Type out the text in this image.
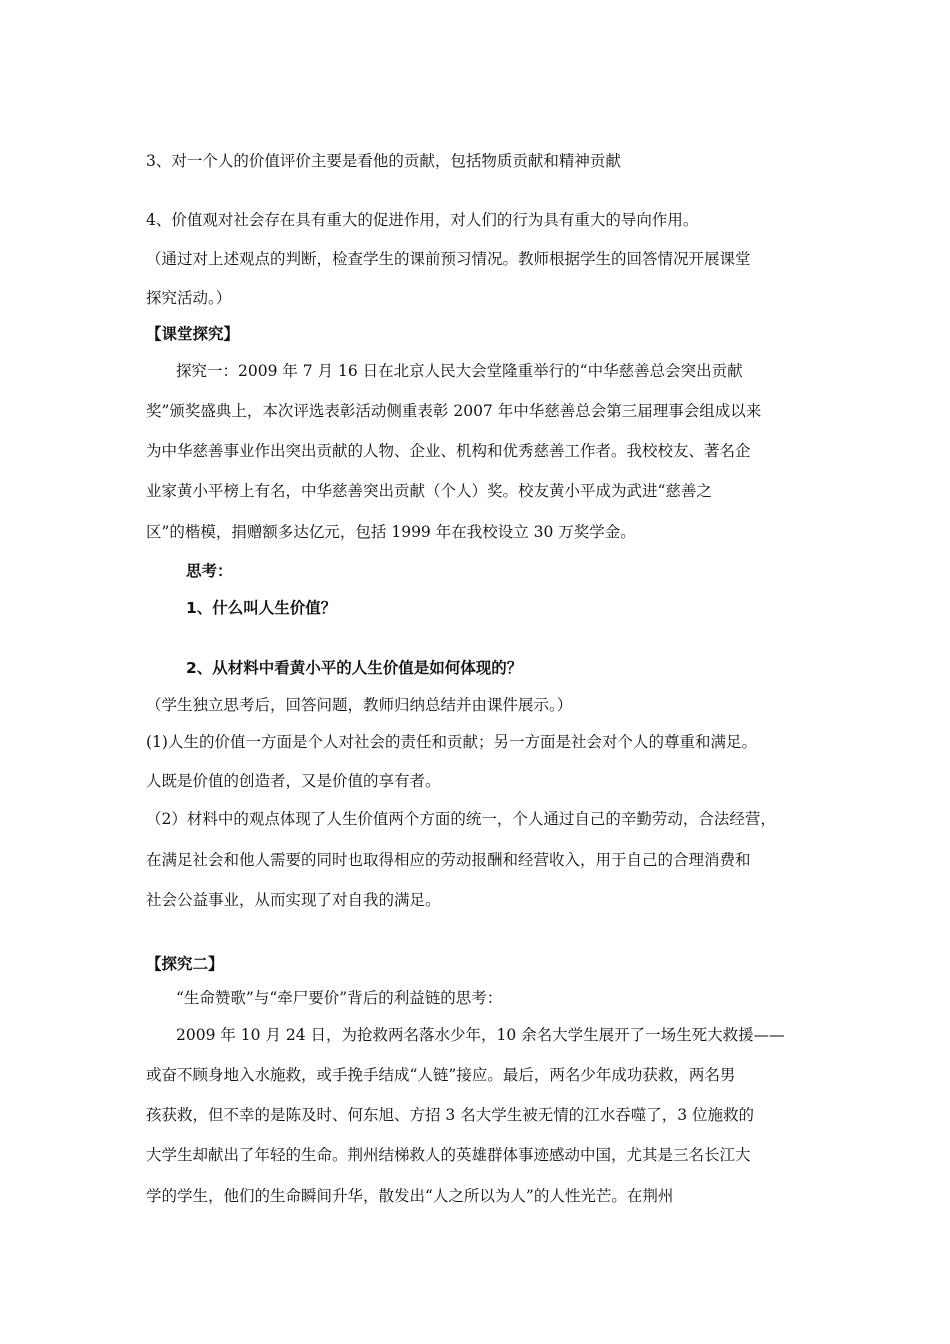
3、对一个人的价值评价主要是看他的贡献，包括物质贡献和精神贡献
4、价值观对社会存在具有重大的促进作用，对人们的行为具有重大的导向作用。
（通过对上述观点的判断，检查学生的课前预习情况。教师根据学生的回答情况开展课堂
探究活动。）
【课堂探究】
探究一：2009 年 7 月 16 日在北京人民大会堂隆重举行的“中华慈善总会突出贡献
奖”颁奖盛典上，本次评选表彰活动侧重表彰 2007 年中华慈善总会第三届理事会组成以来
为中华慈善事业作出突出贡献的人物、企业、机构和优秀慈善工作者。我校校友、著名企
业家黄小平榜上有名，中华慈善突出贡献（个人）奖。校友黄小平成为武进“慈善之
区”的楷模，捐赠额多达亿元，包括 1999 年在我校设立 30 万奖学金。
思考：
1、什么叫人生价值？
2、从材料中看黄小平的人生价值是如何体现的？
（学生独立思考后，回答问题，教师归纳总结并由课件展示。）
(1)人生的价值一方面是个人对社会的责任和贡献；另一方面是社会对个人的尊重和满足。
人既是价值的创造者，又是价值的享有者。
（2）材料中的观点体现了人生价值两个方面的统一，个人通过自己的辛勤劳动，合法经营，
在满足社会和他人需要的同时也取得相应的劳动报酬和经营收入，用于自己的合理消费和
社会公益事业，从而实现了对自我的满足。
【探究二】
“生命赞歌”与“牵尸要价”背后的利益链的思考：
2009 年 10 月 24 日，为抢救两名落水少年，10 余名大学生展开了一场生死大救援——
或奋不顾身地入水施救，或手挽手结成“人链”接应。最后，两名少年成功获救，两名男
孩获救，但不幸的是陈及时、何东旭、方招 3 名大学生被无情的江水吞噬了，3 位施救的
大学生却献出了年轻的生命。荆州结梯救人的英雄群体事迹感动中国，尤其是三名长江大
学的学生，他们的生命瞬间升华，散发出“人之所以为人”的人性光芒。在荆州
